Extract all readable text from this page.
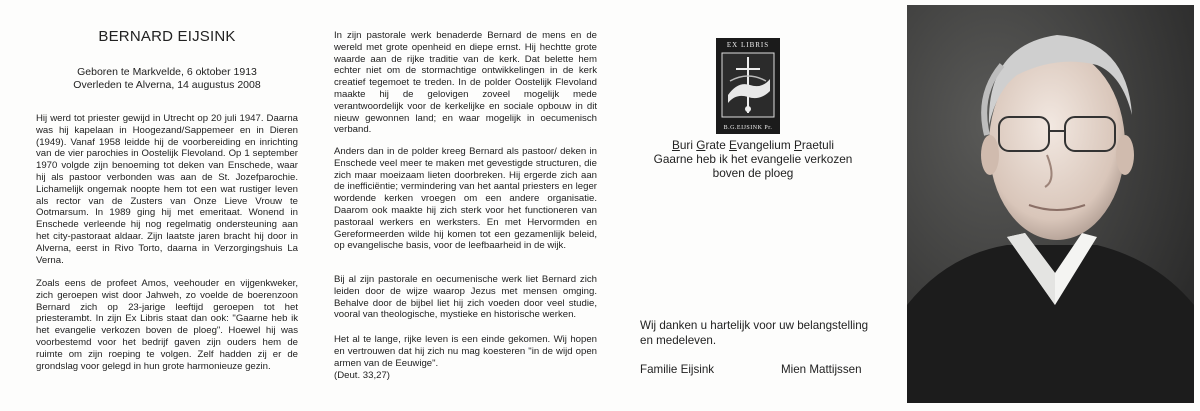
BERNARD EIJSINK
Geboren te Markvelde, 6 oktober 1913
Overleden te Alverna, 14 augustus 2008

Hij werd tot priester gewijd in Utrecht op 20 juli 1947. Daarna was hij kapelaan in Hoogezand/Sappemeer en in Dieren (1949). Vanaf 1958 leidde hij de voorbereiding en inrichting van de vier parochies in Oostelijk Flevoland. Op 1 september 1970 volgde zijn benoeming tot deken van Enschede, waar hij als pastoor verbonden was aan de St. Jozefparochie. Lichamelijk ongemak noopte hem tot een wat rustiger leven als rector van de Zusters van Onze Lieve Vrouw te Ootmarsum. In 1989 ging hij met emeritaat. Wonend in Enschede verleende hij nog regelmatig ondersteuning aan het city-pastoraat aldaar. Zijn laatste jaren bracht hij door in Alverna, eerst in Rivo Torto, daarna in Verzorgingshuis La Verna.

Zoals eens de profeet Amos, veehouder en vijgenkweker, zich geroepen wist door Jahweh, zo voelde de boerenzoon Bernard zich op 23-jarige leeftijd geroepen tot het priesterambt. In zijn Ex Libris staat dan ook: "Gaarne heb ik het evangelie verkozen boven de ploeg". Hoewel hij was voorbestemd voor het bedrijf gaven zijn ouders hem de ruimte om zijn roeping te volgen. Zelf hadden zij er de grondslag voor gelegd in hun grote harmonieuze gezin.

In zijn pastorale werk benaderde Bernard de mens en de wereld met grote openheid en diepe ernst. Hij hechtte grote waarde aan de rijke traditie van de kerk. Dat belette hem echter niet om de stormachtige ontwikkelingen in de kerk creatief tegemoet te treden. In de polder Oostelijk Flevoland maakte hij de gelovigen zoveel mogelijk mede verantwoordelijk voor de kerkelijke en sociale opbouw in dit nieuw gewonnen land; en waar mogelijk in oecumenisch verband.

Anders dan in de polder kreeg Bernard als pastoor/ deken in Enschede veel meer te maken met gevestigde structuren, die zich maar moeizaam lieten doorbreken. Hij ergerde zich aan de inefficiëntie; vermindering van het aantal priesters en leger wordende kerken vroegen om een andere organisatie. Daarom ook maakte hij zich sterk voor het functioneren van pastoraal werkers en werksters. En met Hervormden en Gereformeerden wilde hij komen tot een gezamenlijk beleid, op evangelische basis, voor de leefbaarheid in de wijk.

Bij al zijn pastorale en oecumenische werk liet Bernard zich leiden door de wijze waarop Jezus met mensen omging. Behalve door de bijbel liet hij zich voeden door veel studie, vooral van theologische, mystieke en historische werken.

Het al te lange, rijke leven is een einde gekomen. Wij hopen en vertrouwen dat hij zich nu mag koesteren "in de wijd open armen van de Eeuwige".

(Deut. 33,27)

EX LIBRIS
B.G.EIJSINK Pr.
Buri Grate Evangelium Praetuli
Gaarne heb ik het evangelie verkozen
boven de ploeg
Wij danken u hartelijk voor uw belangstelling en medeleven.
Familie Eijsink	Mien Mattijssen
